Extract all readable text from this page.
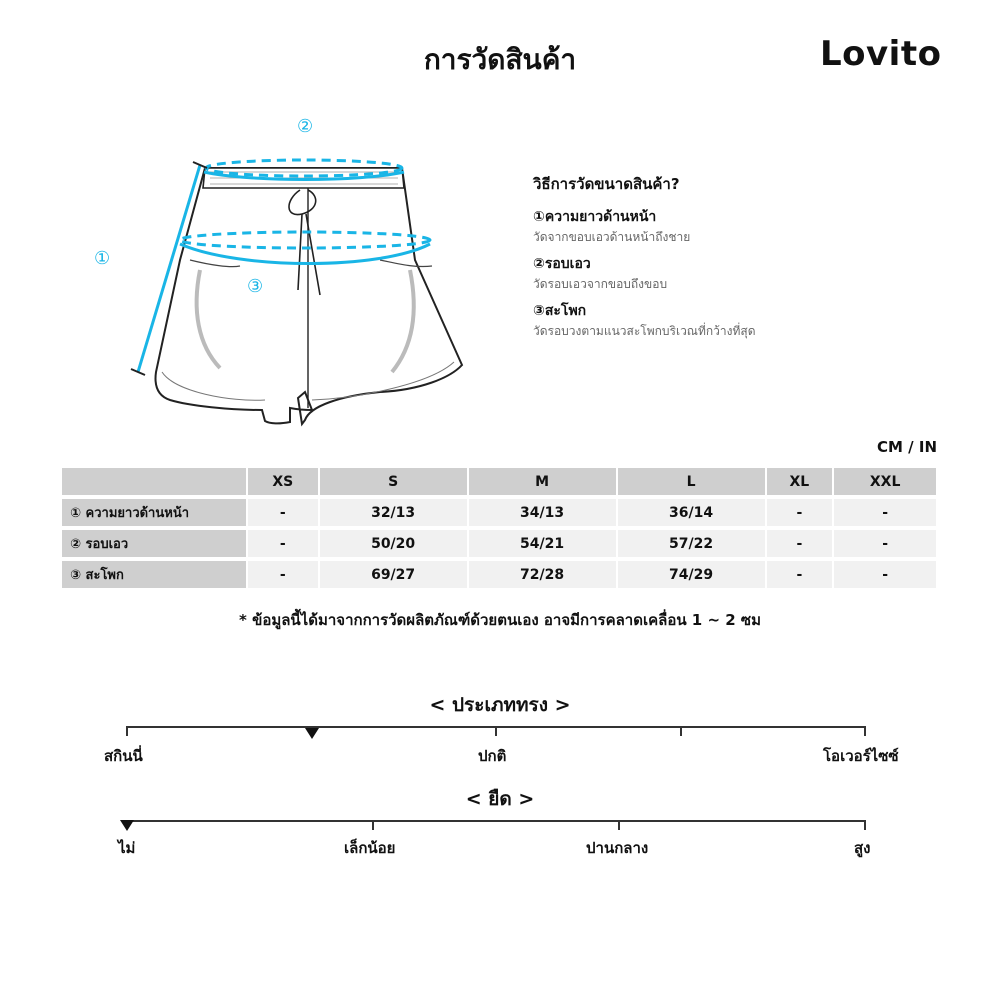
การวัดสินค้า	Lovito
②
①
③
วิธีการวัดขนาดสินค้า?
①ความยาวด้านหน้า
วัดจากขอบเอวด้านหน้าถึงชาย
②รอบเอว
วัดรอบเอวจากขอบถึงขอบ
③สะโพก
วัดรอบวงตามแนวสะโพกบริเวณที่กว้างที่สุด
CM / IN
	XS	S	M	L	XL	XXL
① ความยาวด้านหน้า	-	32/13	34/13	36/14	-	-
② รอบเอว	-	50/20	54/21	57/22	-	-
③ สะโพก	-	69/27	72/28	74/29	-	-
* ข้อมูลนี้ได้มาจากการวัดผลิตภัณฑ์ด้วยตนเอง อาจมีการคลาดเคลื่อน 1 ~ 2 ซม
< ประเภททรง >
สกินนี่	ปกติ	โอเวอร์ไซซ์
< ยืด >
ไม่	เล็กน้อย	ปานกลาง	สูง
